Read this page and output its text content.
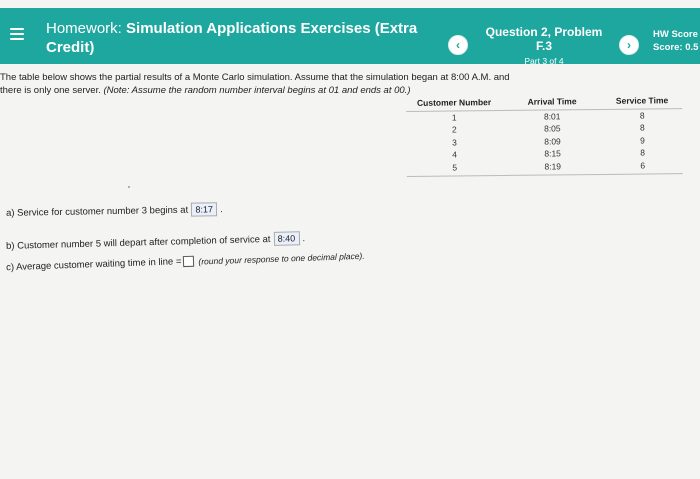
Homework: Simulation Applications Exercises (Extra Credit)	‹
Question 2, Problem F.3
Part 3 of 4
›
HW Score
Score: 0.5
The table below shows the partial results of a Monte Carlo simulation. Assume that the simulation began at 8:00 A.M. and
there is only one server. (Note: Assume the random number interval begins at 01 and ends at 00.)
Customer Number	Arrival Time	Service Time
1	8:01	8
2	8:05	8
3	8:09	9
4	8:15	8
5	8:19	6
a) Service for customer number 3 begins at 8:17 .
b) Customer number 5 will depart after completion of service at 8:40 .
c) Average customer waiting time in line = (round your response to one decimal place).
